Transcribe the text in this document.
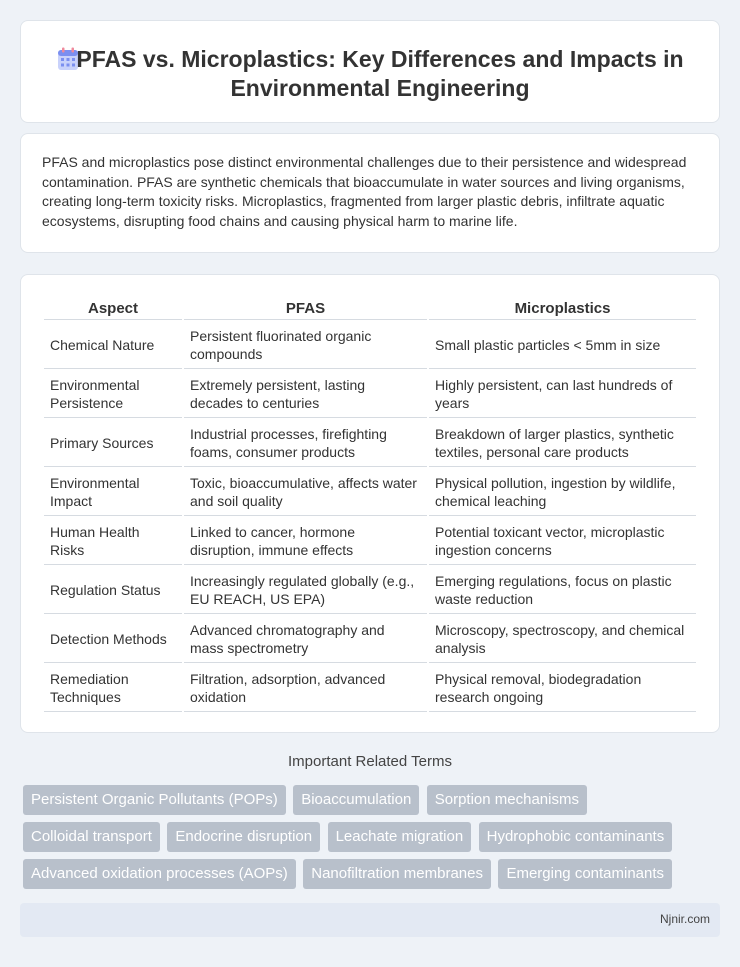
PFAS vs. Microplastics: Key Differences and Impacts in Environmental Engineering

PFAS and microplastics pose distinct environmental challenges due to their persistence and widespread contamination. PFAS are synthetic chemicals that bioaccumulate in water sources and living organisms, creating long-term toxicity risks. Microplastics, fragmented from larger plastic debris, infiltrate aquatic ecosystems, disrupting food chains and causing physical harm to marine life.

Aspect	PFAS	Microplastics
Chemical Nature	Persistent fluorinated organic compounds	Small plastic particles < 5mm in size
Environmental Persistence	Extremely persistent, lasting decades to centuries	Highly persistent, can last hundreds of years
Primary Sources	Industrial processes, firefighting foams, consumer products	Breakdown of larger plastics, synthetic textiles, personal care products
Environmental Impact	Toxic, bioaccumulative, affects water and soil quality	Physical pollution, ingestion by wildlife, chemical leaching
Human Health Risks	Linked to cancer, hormone disruption, immune effects	Potential toxicant vector, microplastic ingestion concerns
Regulation Status	Increasingly regulated globally (e.g., EU REACH, US EPA)	Emerging regulations, focus on plastic waste reduction
Detection Methods	Advanced chromatography and mass spectrometry	Microscopy, spectroscopy, and chemical analysis
Remediation Techniques	Filtration, adsorption, advanced oxidation	Physical removal, biodegradation research ongoing
Important Related Terms
Persistent Organic Pollutants (POPs) Bioaccumulation Sorption mechanisms
Colloidal transport Endocrine disruption Leachate migration Hydrophobic contaminants
Advanced oxidation processes (AOPs) Nanofiltration membranes Emerging contaminants
Njnir.com
